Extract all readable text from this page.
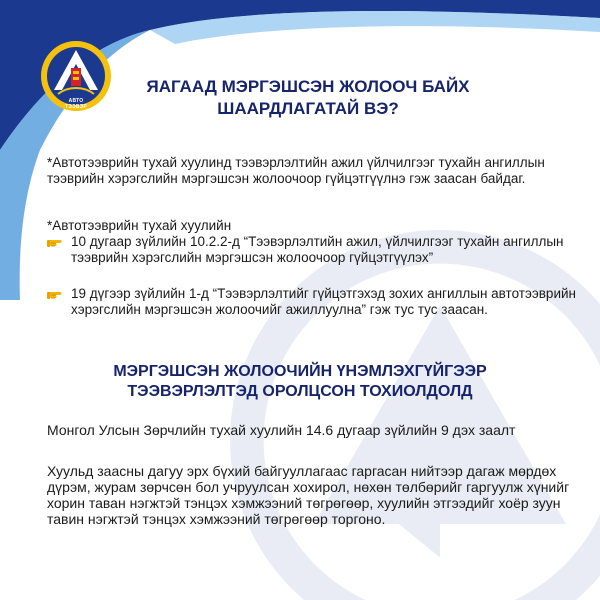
АВТО ТЭЭВЭР
ЯАГААД МЭРГЭШСЭН ЖОЛООЧ БАЙХ
ШААРДЛАГАТАЙ ВЭ?
*Автотээврийн тухай хуулинд тээвэрлэлтийн ажил үйлчилгээг тухайн ангиллын тээврийн хэрэгслийн мэргэшсэн жолоочоор гүйцэтгүүлнэ гэж заасан байдаг.
*Автотээврийн тухай хуулийн
10 дугаар зүйлийн 10.2.2-д “Тээвэрлэлтийн ажил, үйлчилгээг тухайн ангиллын тээврийн хэрэгслийн мэргэшсэн жолоочоор гүйцэтгүүлэх”
19 дүгээр зүйлийн 1-д “Тээвэрлэлтийг гүйцэтгэхэд зохих ангиллын автотээврийн хэрэгслийн мэргэшсэн жолоочийг ажиллуулна” гэж тус тус заасан.
МЭРГЭШСЭН ЖОЛООЧИЙН ҮНЭМЛЭХГҮЙГЭЭР
ТЭЭВЭРЛЭЛТЭД ОРОЛЦСОН ТОХИОЛДОЛД
Монгол Улсын Зөрчлийн тухай хуулийн 14.6 дугаар зүйлийн 9 дэх заалт
Хуульд заасны дагуу эрх бүхий байгууллагаас гаргасан нийтээр дагаж мөрдөх дүрэм, журам зөрчсөн бол учруулсан хохирол, нөхөн төлбөрийг гаргуулж хүнийг хорин таван нэгжтэй тэнцэх хэмжээний төгрөгөөр, хуулийн этгээдийг хоёр зуун тавин нэгжтэй тэнцэх хэмжээний төгрөгөөр торгоно.
